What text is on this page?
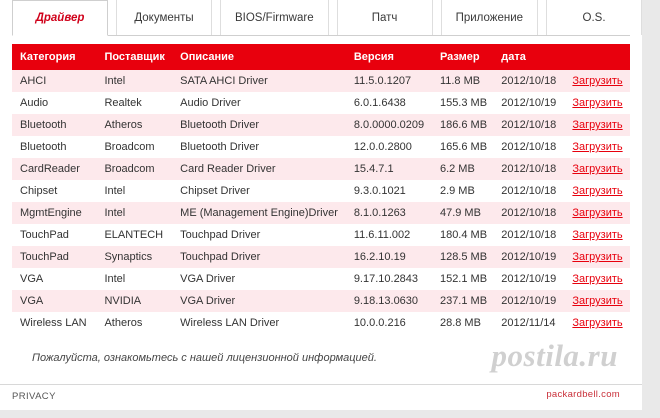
Драйвер	Документы	BIOS/Firmware	Патч	Приложение	O.S.
Категория	Поставщик	Описание	Версия	Размер	дата	
AHCI	Intel	SATA AHCI Driver	11.5.0.1207	11.8 MB	2012/10/18	Загрузить
Audio	Realtek	Audio Driver	6.0.1.6438	155.3 MB	2012/10/19	Загрузить
Bluetooth	Atheros	Bluetooth Driver	8.0.0000.0209	186.6 MB	2012/10/18	Загрузить
Bluetooth	Broadcom	Bluetooth Driver	12.0.0.2800	165.6 MB	2012/10/18	Загрузить
CardReader	Broadcom	Card Reader Driver	15.4.7.1	6.2 MB	2012/10/18	Загрузить
Chipset	Intel	Chipset Driver	9.3.0.1021	2.9 MB	2012/10/18	Загрузить
MgmtEngine	Intel	ME (Management Engine)Driver	8.1.0.1263	47.9 MB	2012/10/18	Загрузить
TouchPad	ELANTECH	Touchpad Driver	11.6.11.002	180.4 MB	2012/10/18	Загрузить
TouchPad	Synaptics	Touchpad Driver	16.2.10.19	128.5 MB	2012/10/19	Загрузить
VGA	Intel	VGA Driver	9.17.10.2843	152.1 MB	2012/10/19	Загрузить
VGA	NVIDIA	VGA Driver	9.18.13.0630	237.1 MB	2012/10/19	Загрузить
Wireless LAN	Atheros	Wireless LAN Driver	10.0.0.216	28.8 MB	2012/11/14	Загрузить
Пожалуйста, ознакомьтесь с нашей лицензионной информацией.
PRIVACY
postila.ru
packardbell.com
